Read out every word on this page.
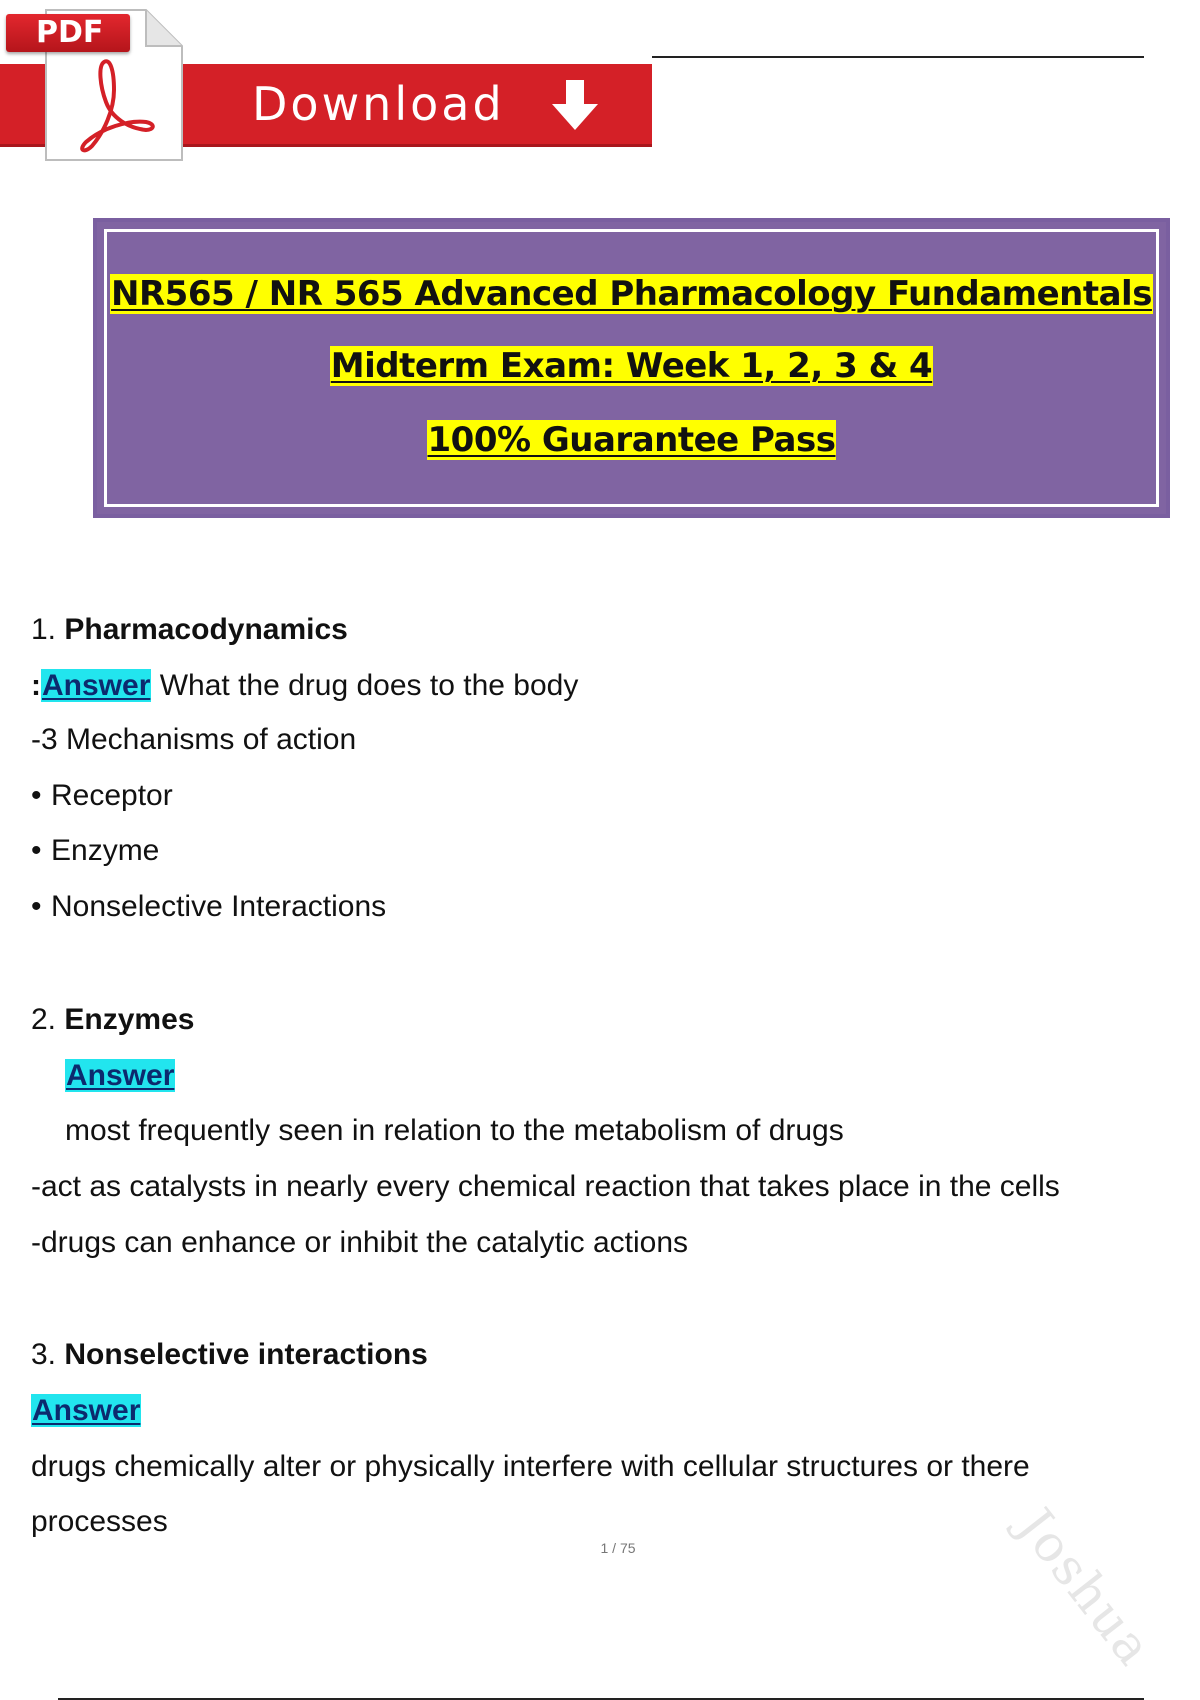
PDF
Download
NR565 / NR 565 Advanced Pharmacology Fundamentals
Midterm Exam: Week 1, 2, 3 & 4
100% Guarantee Pass
1. Pharmacodynamics
:Answer What the drug does to the body
-3 Mechanisms of action
• Receptor
• Enzyme
• Nonselective Interactions
2. Enzymes
Answer
most frequently seen in relation to the metabolism of drugs
-act as catalysts in nearly every chemical reaction that takes place in the cells
-drugs can enhance or inhibit the catalytic actions
3. Nonselective interactions
Answer
drugs chemically alter or physically interfere with cellular structures or there
processes
1 / 75	Joshua
